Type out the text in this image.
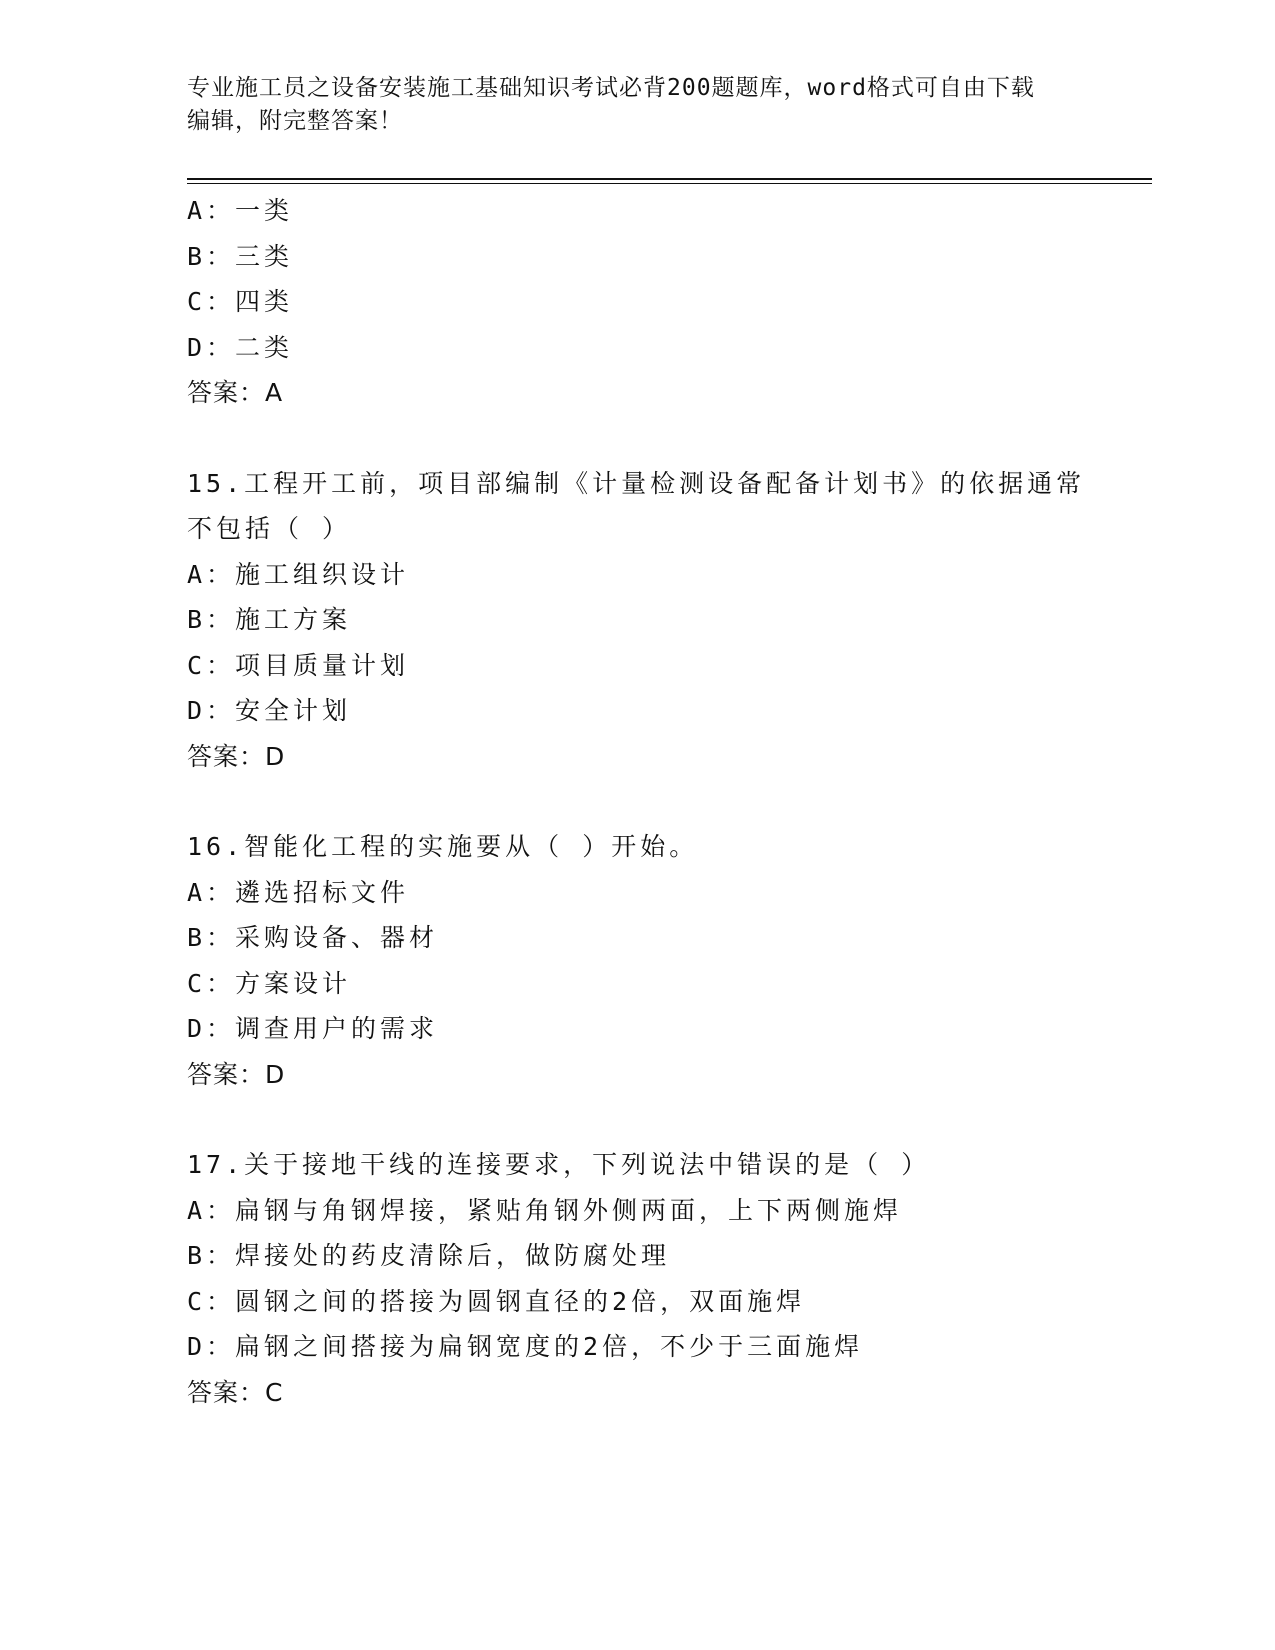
专业施工员之设备安装施工基础知识考试必背200题题库，word格式可自由下载
编辑，附完整答案！
A：一类
B：三类
C：四类
D：二类
答案：A
15.工程开工前，项目部编制《计量检测设备配备计划书》的依据通常
不包括（ ）
A：施工组织设计
B：施工方案
C：项目质量计划
D：安全计划
答案：D
16.智能化工程的实施要从（ ）开始。
A：遴选招标文件
B：采购设备、器材
C：方案设计
D：调查用户的需求
答案：D
17.关于接地干线的连接要求，下列说法中错误的是（ ）
A：扁钢与角钢焊接，紧贴角钢外侧两面，上下两侧施焊
B：焊接处的药皮清除后，做防腐处理
C：圆钢之间的搭接为圆钢直径的2倍，双面施焊
D：扁钢之间搭接为扁钢宽度的2倍，不少于三面施焊
答案：C
